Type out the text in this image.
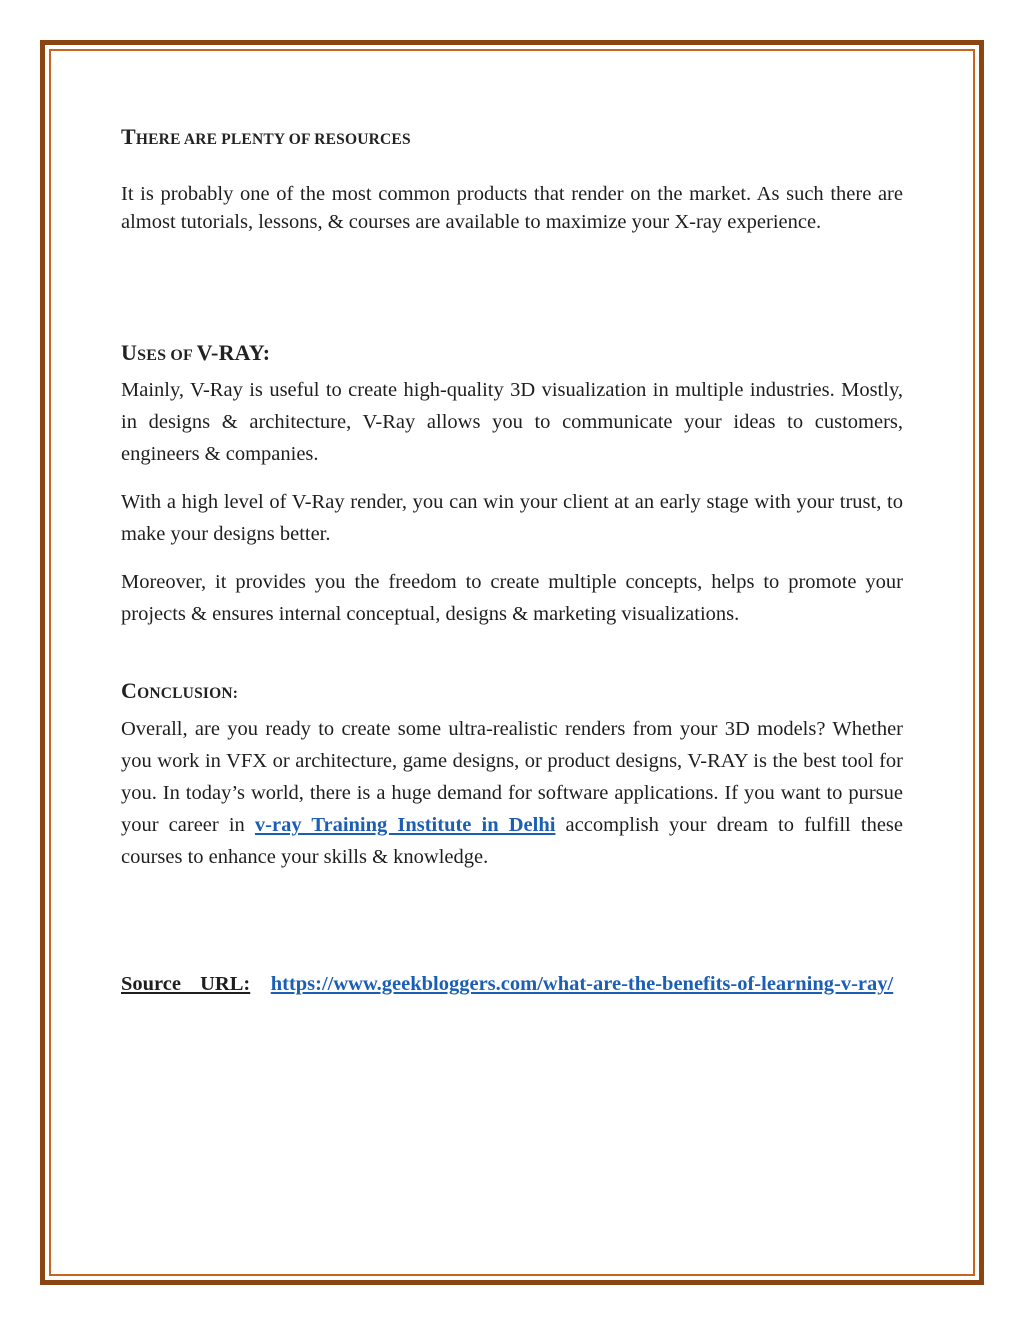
THERE ARE PLENTY OF RESOURCES

It is probably one of the most common products that render on the market. As such there are almost tutorials, lessons, & courses are available to maximize your X-ray experience.

USES OF V-RAY:

Mainly, V-Ray is useful to create high-quality 3D visualization in multiple industries. Mostly, in designs & architecture, V-Ray allows you to communicate your ideas to customers, engineers & companies.

With a high level of V-Ray render, you can win your client at an early stage with your trust, to make your designs better.

Moreover, it provides you the freedom to create multiple concepts, helps to promote your projects & ensures internal conceptual, designs & marketing visualizations.

CONCLUSION:

Overall, are you ready to create some ultra-realistic renders from your 3D models? Whether you work in VFX or architecture, game designs, or product designs, V-RAY is the best tool for you. In today’s world, there is a huge demand for software applications. If you want to pursue your career in v-ray Training Institute in Delhi accomplish your dream to fulfill these courses to enhance your skills & knowledge.

Source URL: https://www.geekbloggers.com/what-are-the-benefits-of-learning-v-ray/
